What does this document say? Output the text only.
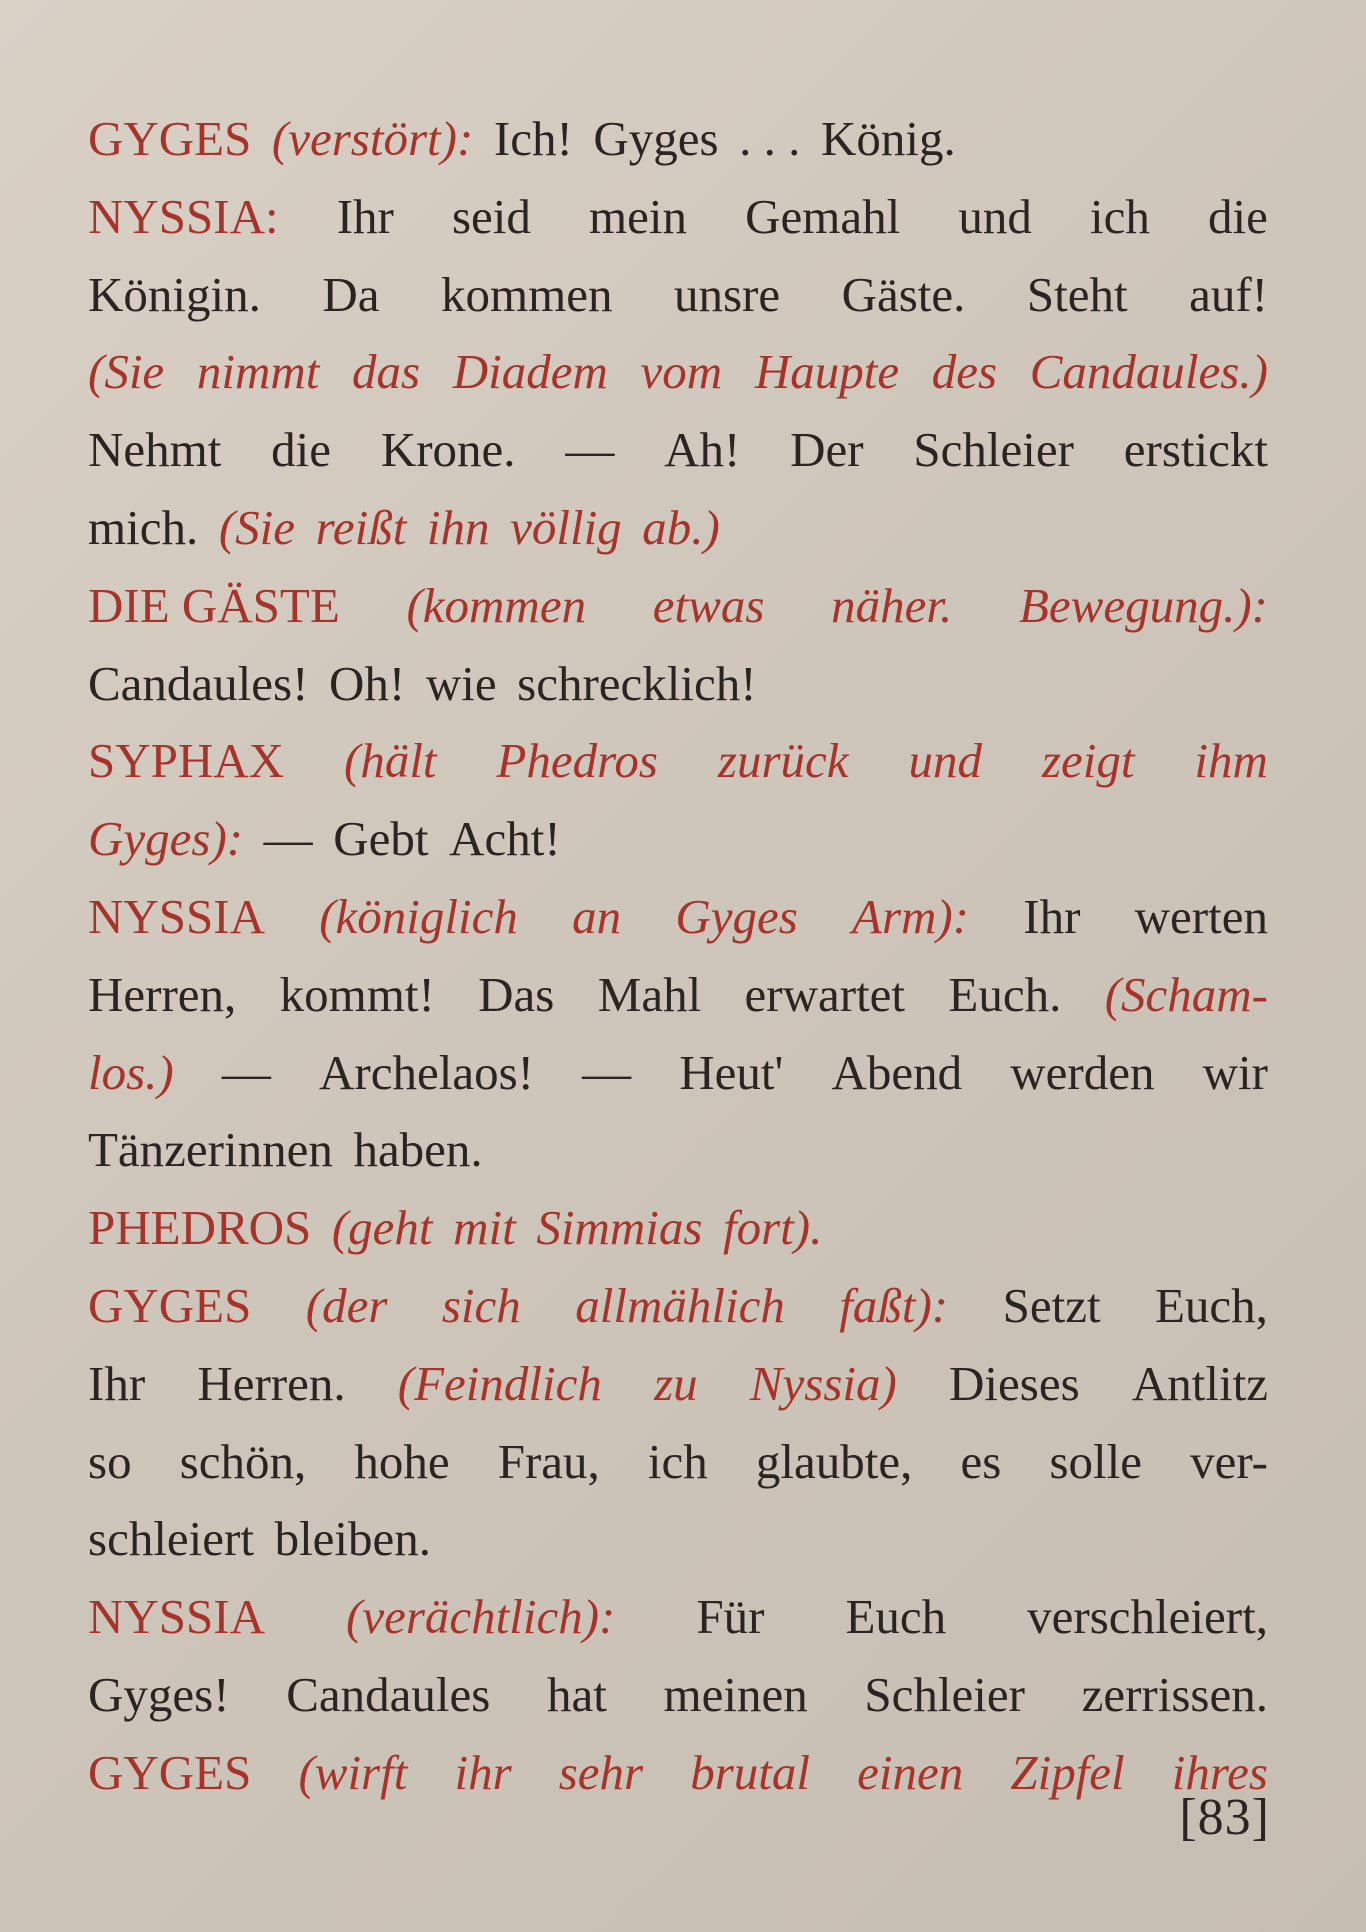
GYGES (verstört): Ich! Gyges . . . König.
NYSSIA: Ihr seid mein Gemahl und ich die
Königin. Da kommen unsre Gäste. Steht auf!
(Sie nimmt das Diadem vom Haupte des Candaules.)
Nehmt die Krone. — Ah! Der Schleier erstickt
mich. (Sie reißt ihn völlig ab.)
DIE GÄSTE (kommen etwas näher. Bewegung.):
Candaules! Oh! wie schrecklich!
SYPHAX (hält Phedros zurück und zeigt ihm
Gyges): — Gebt Acht!
NYSSIA (königlich an Gyges Arm): Ihr werten
Herren, kommt! Das Mahl erwartet Euch. (Scham-
los.) — Archelaos! — Heut' Abend werden wir
Tänzerinnen haben.
PHEDROS (geht mit Simmias fort).
GYGES (der sich allmählich faßt): Setzt Euch,
Ihr Herren. (Feindlich zu Nyssia) Dieses Antlitz
so schön, hohe Frau, ich glaubte, es solle ver-
schleiert bleiben.
NYSSIA (verächtlich): Für Euch verschleiert,
Gyges! Candaules hat meinen Schleier zerrissen.
GYGES (wirft ihr sehr brutal einen Zipfel ihres
[83]
